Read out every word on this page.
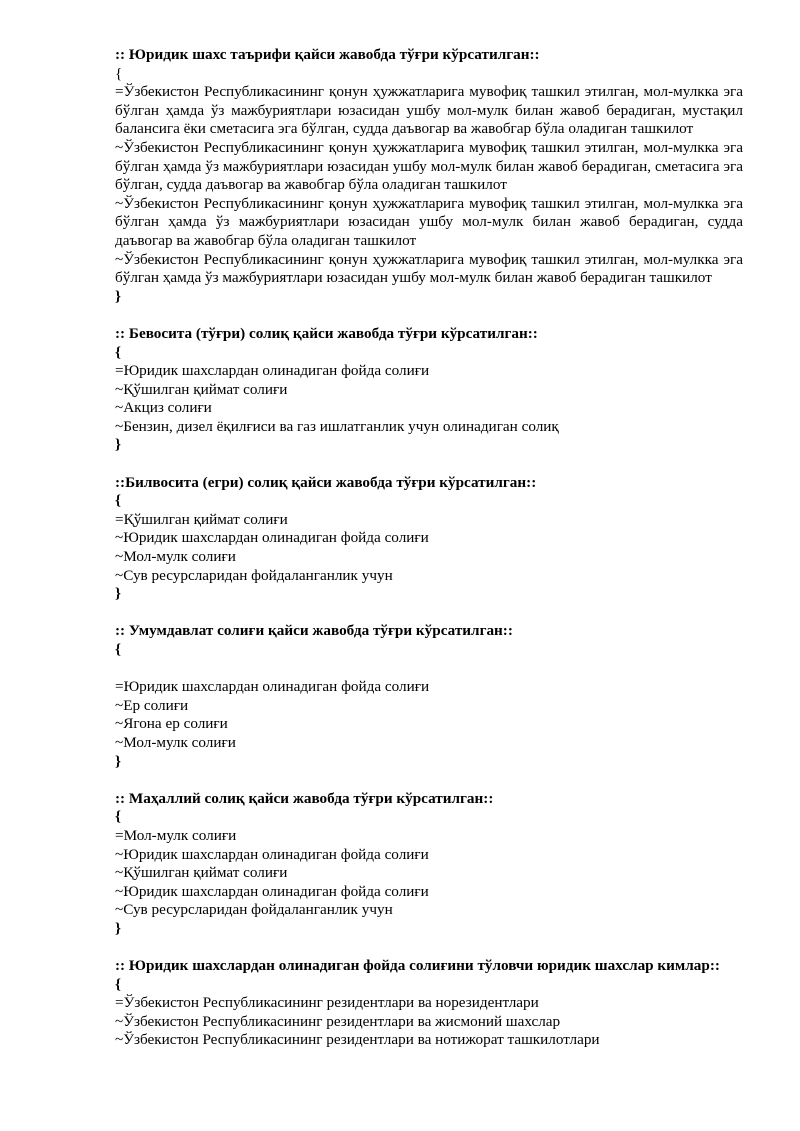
:: Юридик шахс таърифи қайси жавобда тўғри кўрсатилган::
{
=Ўзбекистон Республикасининг қонун ҳужжатларига мувофиқ ташкил этилган, мол-мулкка эга бўлган ҳамда ўз мажбуриятлари юзасидан ушбу мол-мулк билан жавоб берадиган, мустақил балансига ёки сметасига эга бўлган, судда даъвогар ва жавобгар бўла оладиган ташкилот
~Ўзбекистон Республикасининг қонун ҳужжатларига мувофиқ ташкил этилган, мол-мулкка эга бўлган ҳамда ўз мажбуриятлари юзасидан ушбу мол-мулк билан жавоб берадиган, сметасига эга бўлган, судда даъвогар ва жавобгар бўла оладиган ташкилот
~Ўзбекистон Республикасининг қонун ҳужжатларига мувофиқ ташкил этилган, мол-мулкка эга бўлган ҳамда ўз мажбуриятлари юзасидан ушбу мол-мулк билан жавоб берадиган, судда даъвогар ва жавобгар бўла оладиган ташкилот
~Ўзбекистон Республикасининг қонун ҳужжатларига мувофиқ ташкил этилган, мол-мулкка эга бўлган ҳамда ўз мажбуриятлари юзасидан ушбу мол-мулк билан жавоб берадиган ташкилот
}
:: Бевосита (тўғри) солиқ қайси жавобда тўғри кўрсатилган::
{
=Юридик шахслардан олинадиган фойда солиғи
~Қўшилган қиймат солиғи
~Акциз солиғи
~Бензин, дизел ёқилғиси ва газ ишлатганлик учун олинадиган солиқ
}
::Билвосита (егри) солиқ қайси жавобда тўғри кўрсатилган::
{
=Қўшилган қиймат солиғи
~Юридик шахслардан олинадиган фойда солиғи
~Мол-мулк солиғи
~Сув ресурсларидан фойдаланганлик учун
}
:: Умумдавлат солиғи қайси жавобда тўғри кўрсатилган::
{
=Юридик шахслардан олинадиган фойда солиғи
~Ер солиғи
~Ягона ер солиғи
~Мол-мулк солиғи
}
:: Маҳаллий солиқ қайси жавобда тўғри кўрсатилган::
{
=Мол-мулк солиғи
~Юридик шахслардан олинадиган фойда солиғи
~Қўшилган қиймат солиғи
~Юридик шахслардан олинадиган фойда солиғи
~Сув ресурсларидан фойдаланганлик учун
}
:: Юридик шахслардан олинадиган фойда солиғини тўловчи юридик шахслар кимлар::
{
=Ўзбекистон Республикасининг резидентлари ва норезидентлари
~Ўзбекистон Республикасининг резидентлари ва жисмоний шахслар
~Ўзбекистон Республикасининг резидентлари ва нотижорат ташкилотлари
